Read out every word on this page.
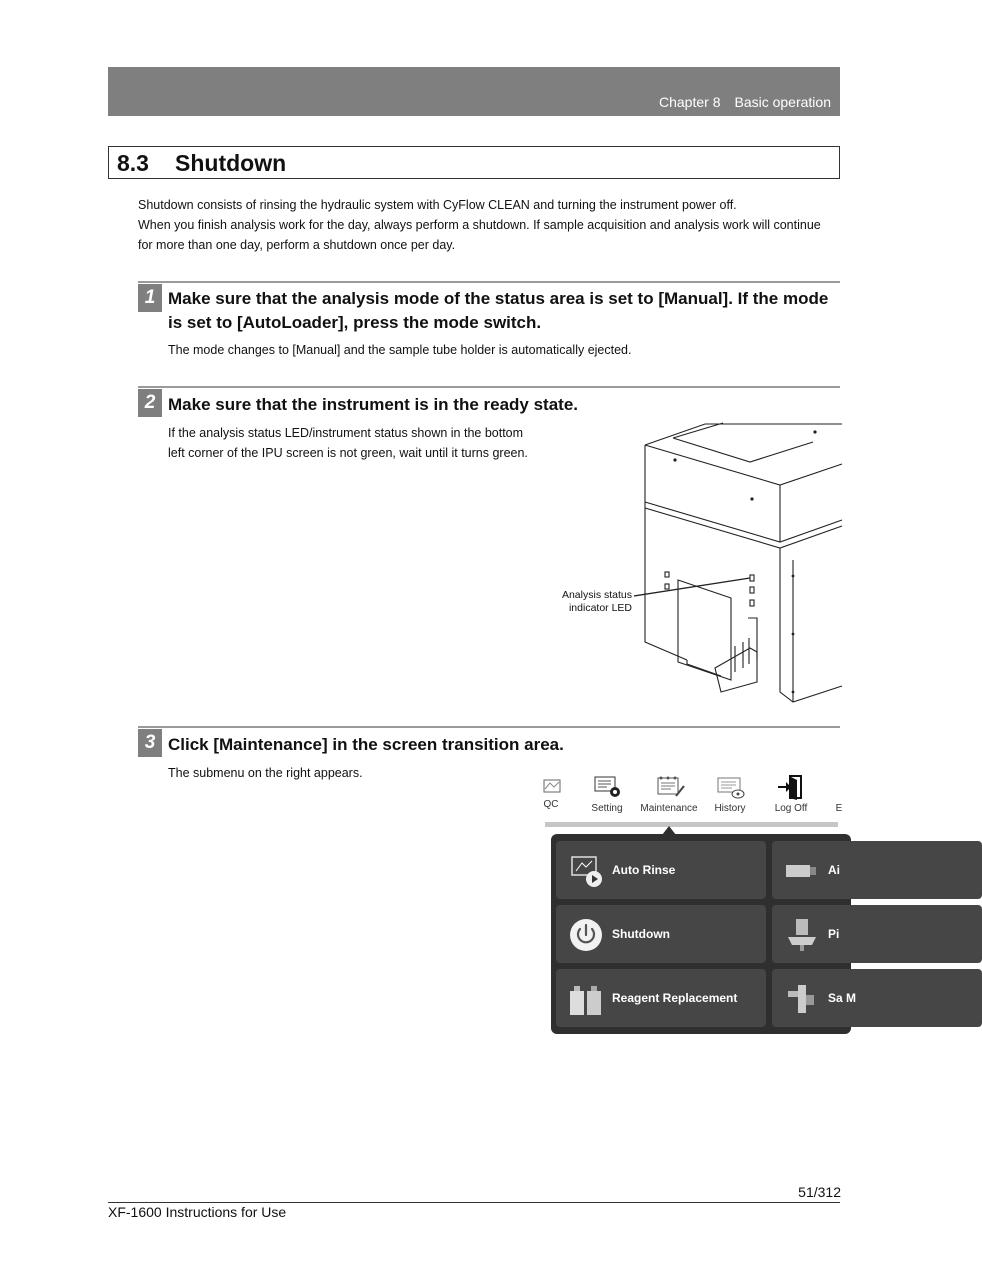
Chapter 8 Basic operation
8.3 Shutdown

Shutdown consists of rinsing the hydraulic system with CyFlow CLEAN and turning the instrument power off.

When you finish analysis work for the day, always perform a shutdown. If sample acquisition and analysis work will continue for more than one day, perform a shutdown once per day.

1 Make sure that the analysis mode of the status area is set to [Manual]. If the mode is set to [AutoLoader], press the mode switch.

The mode changes to [Manual] and the sample tube holder is automatically ejected.

2 Make sure that the instrument is in the ready state.

If the analysis status LED/instrument status shown in the bottom left corner of the IPU screen is not green, wait until it turns green.

Analysis status indicator LED
3 Click [Maintenance] in the screen transition area.

The submenu on the right appears.

QC	Setting	Maintenance	History	Log Off	E
Auto Rinse	Ai
Shutdown	Pi
Reagent Replacement	Sa M
51/312
XF-1600 Instructions for Use
